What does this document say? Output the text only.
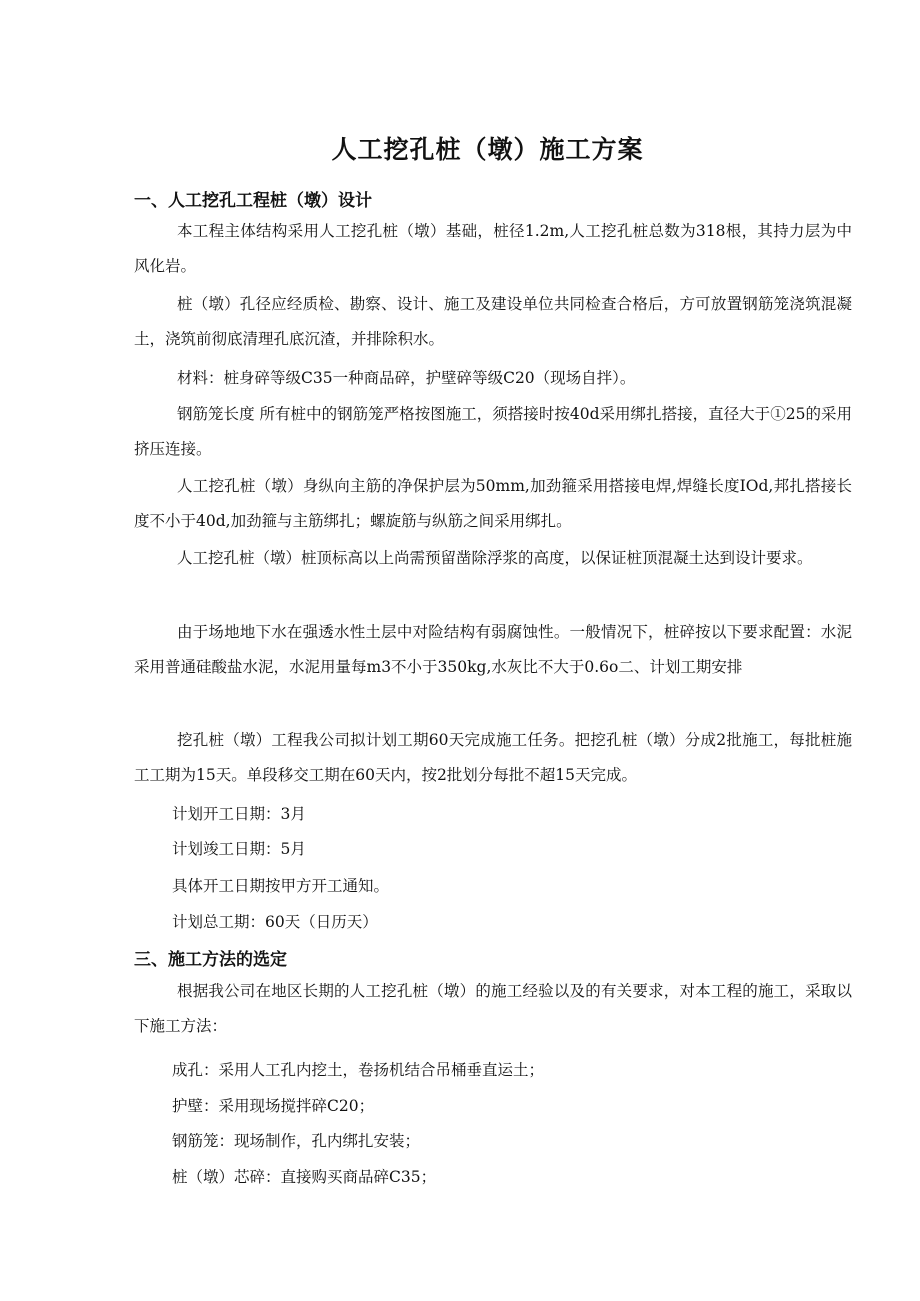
人工挖孔桩（墩）施工方案
一、人工挖孔工程桩（墩）设计
本工程主体结构采用人工挖孔桩（墩）基础，桩径1.2m,人工挖孔桩总数为318根，其持力层为中风化岩。
桩（墩）孔径应经质检、勘察、设计、施工及建设单位共同检查合格后，方可放置钢筋笼浇筑混凝土，浇筑前彻底清理孔底沉渣，并排除积水。
材料：桩身碎等级C35一种商品碎，护壁碎等级C20（现场自拌）。
钢筋笼长度 所有桩中的钢筋笼严格按图施工，须搭接时按40d采用绑扎搭接，直径大于①25的采用挤压连接。
人工挖孔桩（墩）身纵向主筋的净保护层为50mm,加劲箍采用搭接电焊,焊缝长度IOd,邦扎搭接长度不小于40d,加劲箍与主筋绑扎；螺旋筋与纵筋之间采用绑扎。
人工挖孔桩（墩）桩顶标高以上尚需预留凿除浮浆的高度，以保证桩顶混凝土达到设计要求。
由于场地地下水在强透水性土层中对险结构有弱腐蚀性。一般情况下，桩碎按以下要求配置：水泥采用普通硅酸盐水泥，水泥用量每m3不小于350kg,水灰比不大于0.6o二、计划工期安排
挖孔桩（墩）工程我公司拟计划工期60天完成施工任务。把挖孔桩（墩）分成2批施工，每批桩施工工期为15天。单段移交工期在60天内，按2批划分每批不超15天完成。
计划开工日期：3月
计划竣工日期：5月
具体开工日期按甲方开工通知。
计划总工期：60天（日历天）
三、施工方法的选定
根据我公司在地区长期的人工挖孔桩（墩）的施工经验以及的有关要求，对本工程的施工，采取以下施工方法：
成孔：采用人工孔内挖土，卷扬机结合吊桶垂直运土；
护壁：采用现场搅拌碎C20；
钢筋笼：现场制作，孔内绑扎安装；
桩（墩）芯碎：直接购买商品碎C35；
